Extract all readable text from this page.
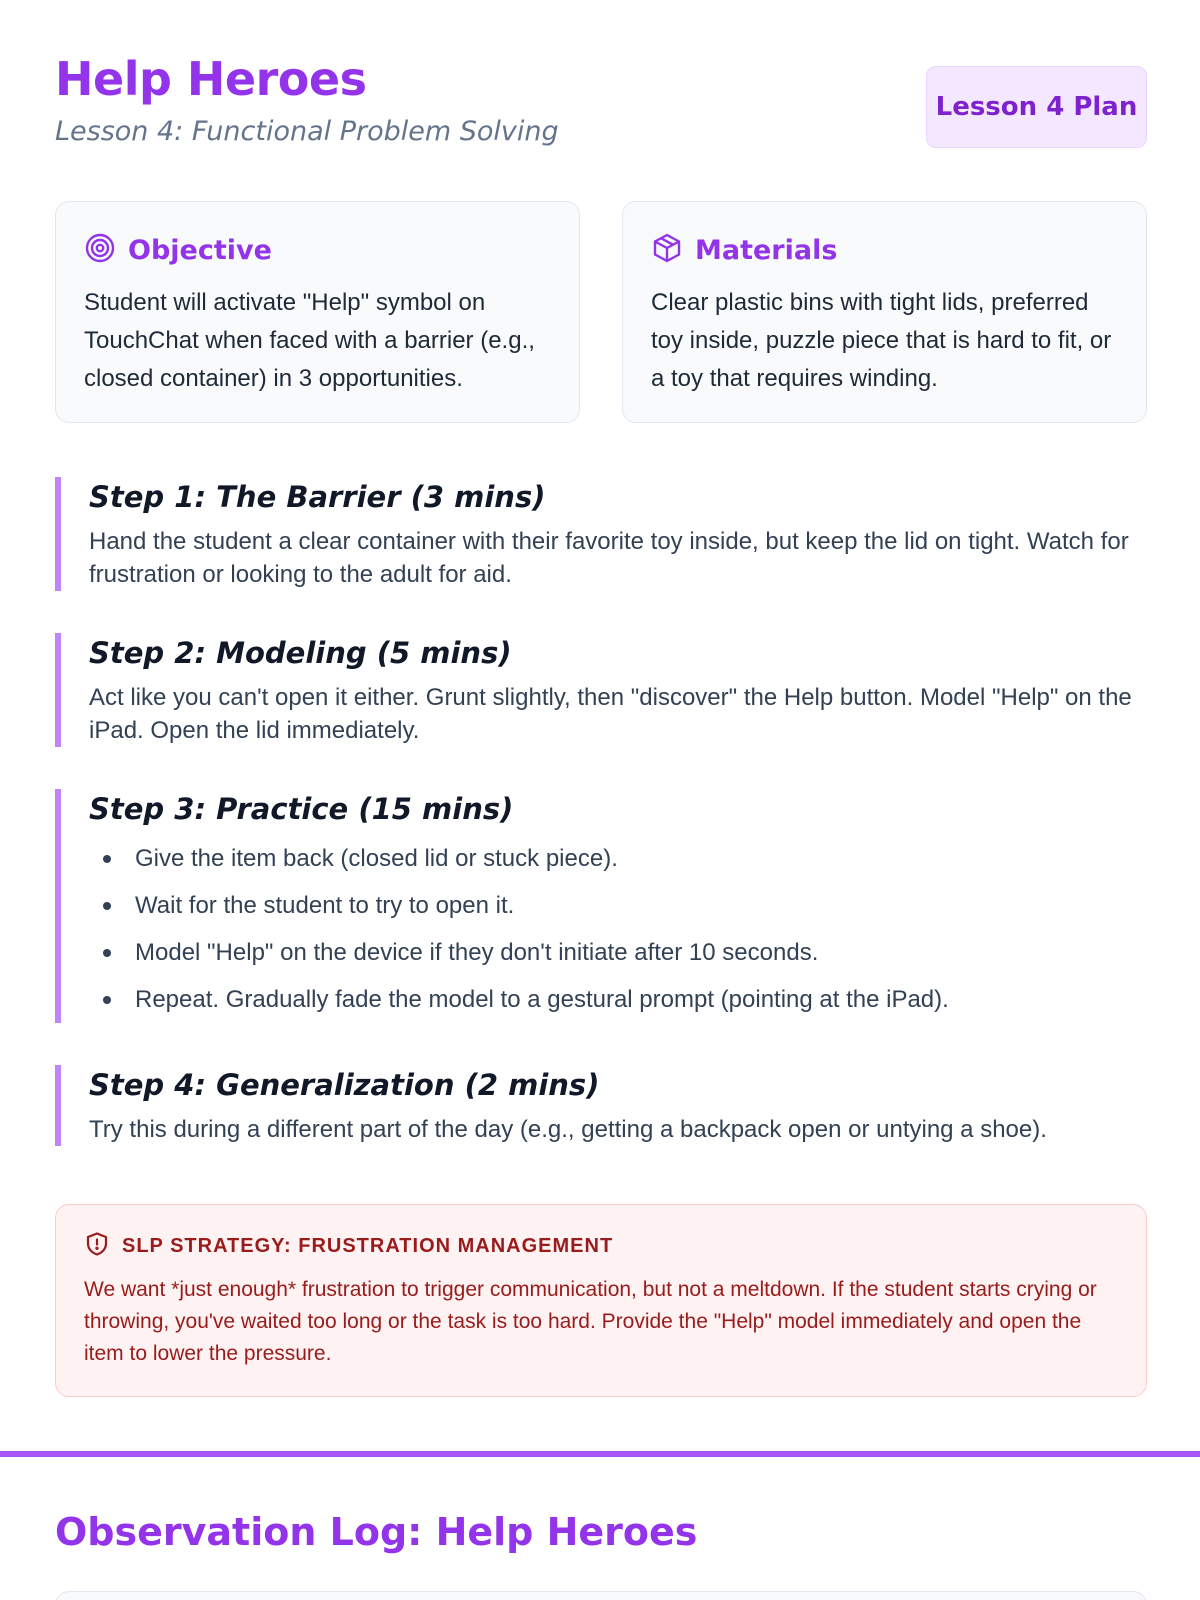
Help Heroes
Lesson 4: Functional Problem Solving
Lesson 4 Plan
Objective
Student will activate "Help" symbol on TouchChat when faced with a barrier (e.g., closed container) in 3 opportunities.
Materials
Clear plastic bins with tight lids, preferred toy inside, puzzle piece that is hard to fit, or a toy that requires winding.
Step 1: The Barrier (3 mins)

Hand the student a clear container with their favorite toy inside, but keep the lid on tight. Watch for frustration or looking to the adult for aid.

Step 2: Modeling (5 mins)

Act like you can't open it either. Grunt slightly, then "discover" the Help button. Model "Help" on the iPad. Open the lid immediately.

Step 3: Practice (15 mins)
Give the item back (closed lid or stuck piece).
Wait for the student to try to open it.
Model "Help" on the device if they don't initiate after 10 seconds.
Repeat. Gradually fade the model to a gestural prompt (pointing at the iPad).
Step 4: Generalization (2 mins)

Try this during a different part of the day (e.g., getting a backpack open or untying a shoe).

SLP STRATEGY: FRUSTRATION MANAGEMENT
We want *just enough* frustration to trigger communication, but not a meltdown. If the student starts crying or throwing, you've waited too long or the task is too hard. Provide the "Help" model immediately and open the item to lower the pressure.
Observation Log: Help Heroes
